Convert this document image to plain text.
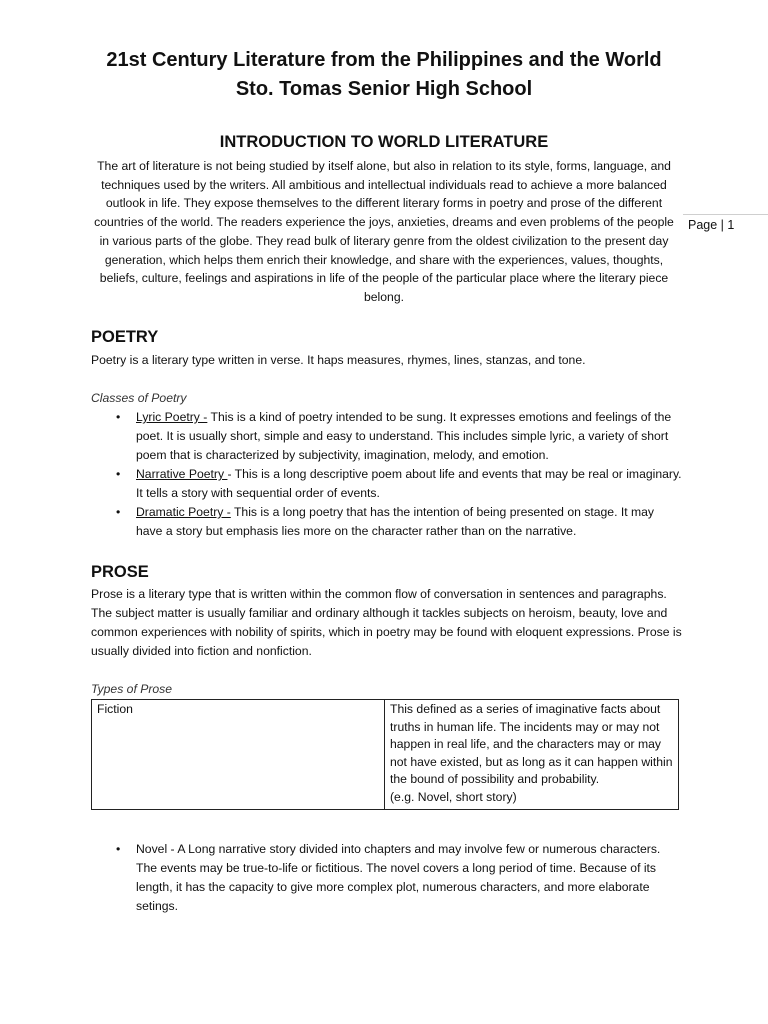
21st Century Literature from the Philippines and the World
Sto. Tomas Senior High School
Page | 1
INTRODUCTION TO WORLD LITERATURE
The art of literature is not being studied by itself alone, but also in relation to its style, forms, language, and techniques used by the writers. All ambitious and intellectual individuals read to achieve a more balanced outlook in life. They expose themselves to the different literary forms in poetry and prose of the different countries of the world. The readers experience the joys, anxieties, dreams and even problems of the people in various parts of the globe. They read bulk of literary genre from the oldest civilization to the present day generation, which helps them enrich their knowledge, and share with the experiences, values, thoughts, beliefs, culture, feelings and aspirations in life of the people of the particular place where the literary piece belong.
POETRY
Poetry is a literary type written in verse. It haps measures, rhymes, lines, stanzas, and tone.
Classes of Poetry
• Lyric Poetry - This is a kind of poetry intended to be sung. It expresses emotions and feelings of the poet. It is usually short, simple and easy to understand. This includes simple lyric, a variety of short poem that is characterized by subjectivity, imagination, melody, and emotion.
• Narrative Poetry - This is a long descriptive poem about life and events that may be real or imaginary. It tells a story with sequential order of events.
• Dramatic Poetry - This is a long poetry that has the intention of being presented on stage. It may have a story but emphasis lies more on the character rather than on the narrative.
PROSE
Prose is a literary type that is written within the common flow of conversation in sentences and paragraphs. The subject matter is usually familiar and ordinary although it tackles subjects on heroism, beauty, love and common experiences with nobility of spirits, which in poetry may be found with eloquent expressions. Prose is usually divided into fiction and nonfiction.
Types of Prose
Fiction	This defined as a series of imaginative facts about truths in human life. The incidents may or may not happen in real life, and the characters may or may not have existed, but as long as it can happen within the bound of possibility and probability.
(e.g. Novel, short story)
• Novel - A Long narrative story divided into chapters and may involve few or numerous characters. The events may be true-to-life or fictitious. The novel covers a long period of time. Because of its length, it has the capacity to give more complex plot, numerous characters, and more elaborate setings.
